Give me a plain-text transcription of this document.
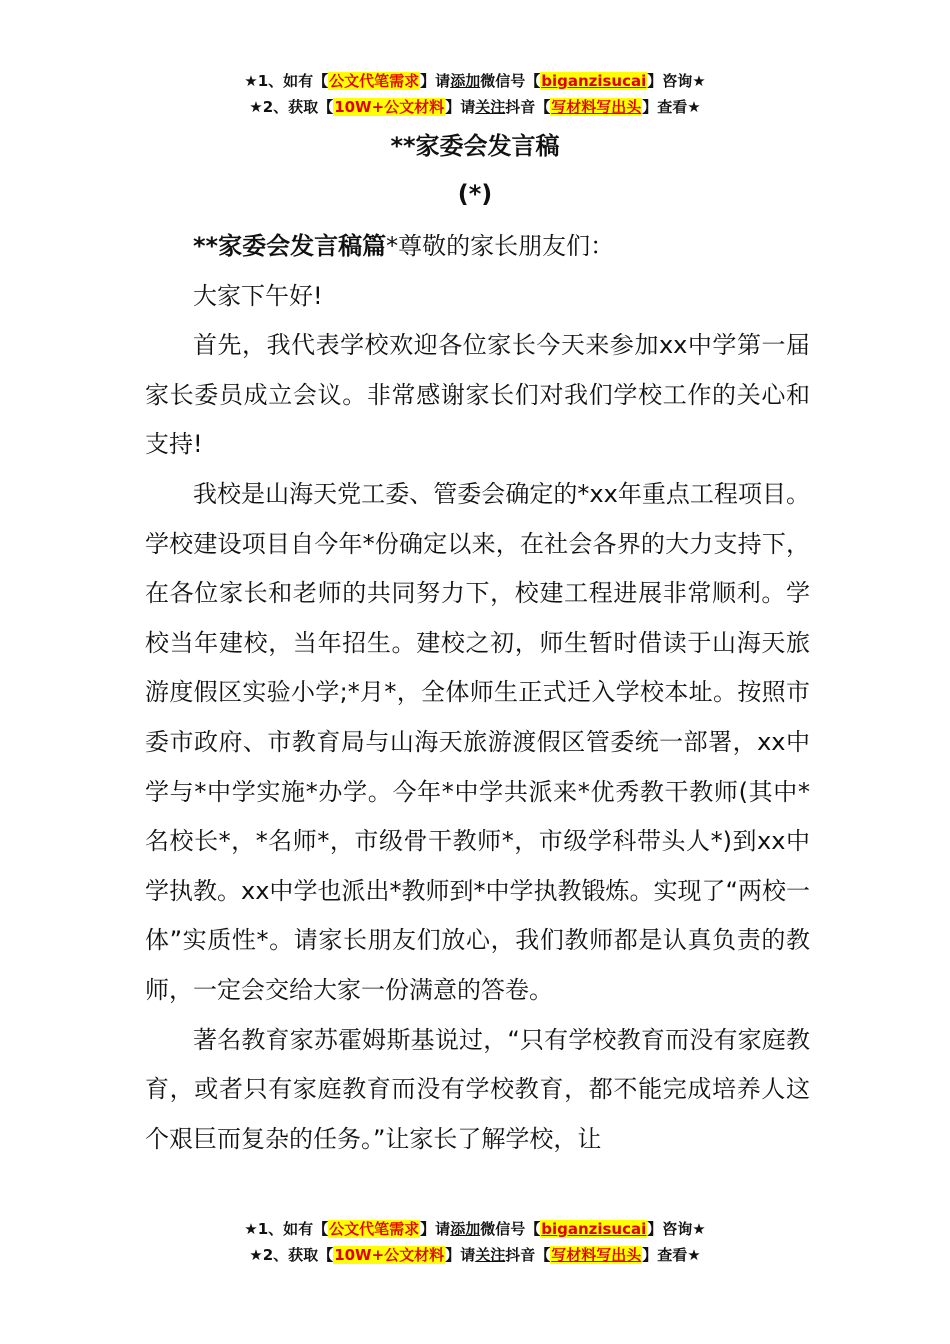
★1、如有【公文代笔需求】请添加微信号【biganzisucai】咨询★
★2、获取【10W+公文材料】请关注抖音【写材料写出头】查看★
**家委会发言稿
(*)

**家委会发言稿篇*尊敬的家长朋友们：

大家下午好!

首先，我代表学校欢迎各位家长今天来参加xx中学第一届家长委员成立会议。非常感谢家长们对我们学校工作的关心和支持!

我校是山海天党工委、管委会确定的*xx年重点工程项目。学校建设项目自今年*份确定以来，在社会各界的大力支持下，在各位家长和老师的共同努力下，校建工程进展非常顺利。学校当年建校，当年招生。建校之初，师生暂时借读于山海天旅游度假区实验小学;*月*，全体师生正式迁入学校本址。按照市委市政府、市教育局与山海天旅游渡假区管委统一部署，xx中学与*中学实施*办学。今年*中学共派来*优秀教干教师(其中*名校长*，*名师*，市级骨干教师*，市级学科带头人*)到xx中学执教。xx中学也派出*教师到*中学执教锻炼。实现了“两校一体”实质性*。请家长朋友们放心，我们教师都是认真负责的教师，一定会交给大家一份满意的答卷。

著名教育家苏霍姆斯基说过，“只有学校教育而没有家庭教育，或者只有家庭教育而没有学校教育，都不能完成培养人这个艰巨而复杂的任务。”让家长了解学校，让

★1、如有【公文代笔需求】请添加微信号【biganzisucai】咨询★
★2、获取【10W+公文材料】请关注抖音【写材料写出头】查看★
